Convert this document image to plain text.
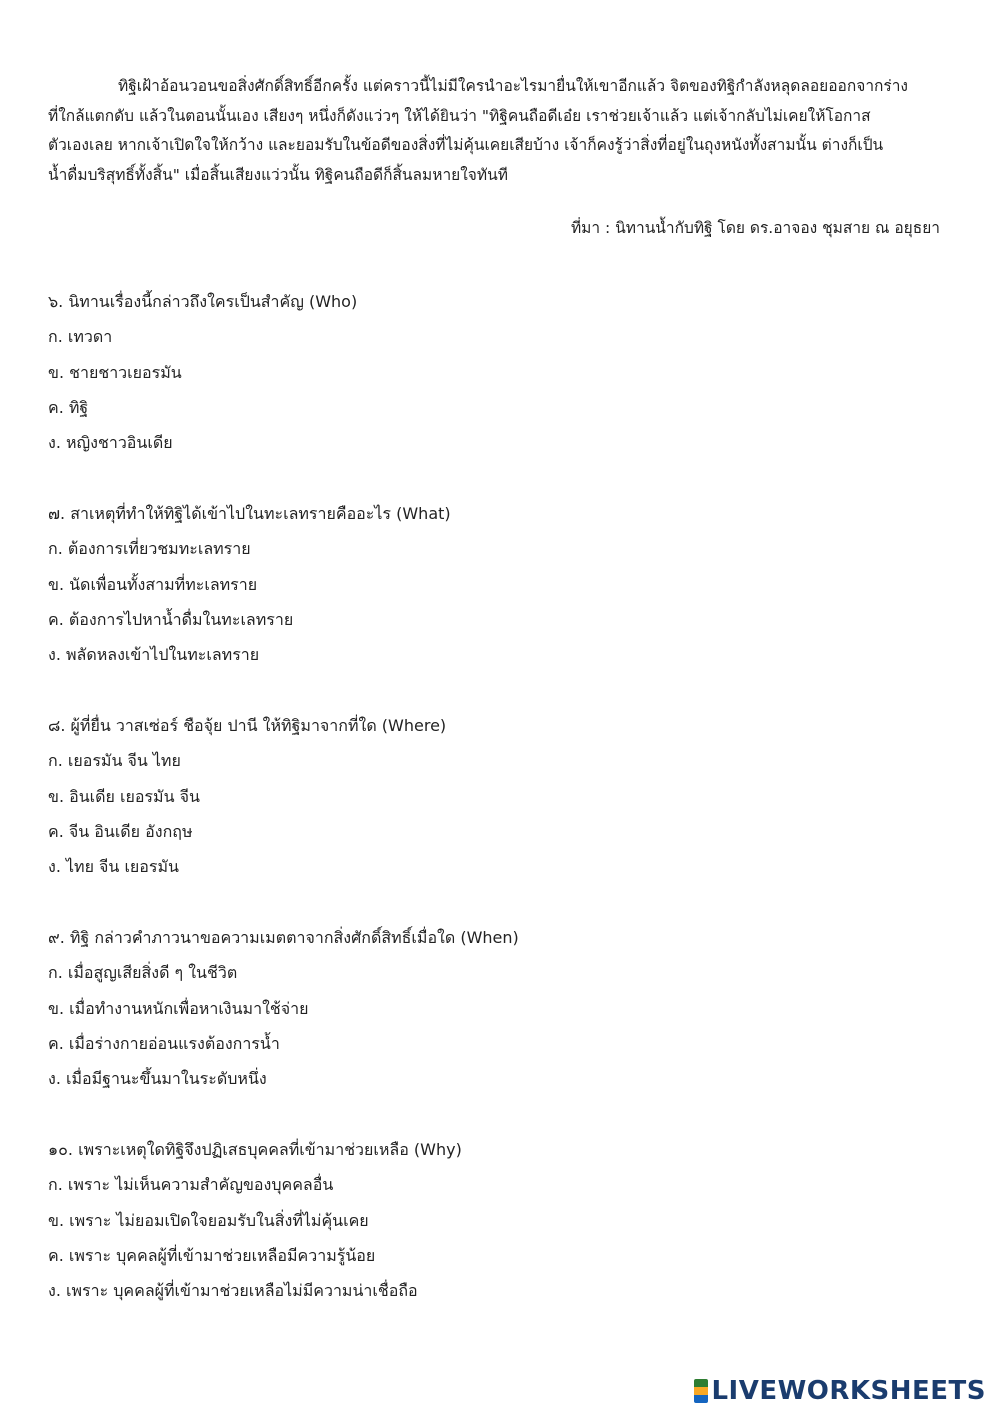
ทิฐิเฝ้าอ้อนวอนขอสิ่งศักดิ์สิทธิ์อีกครั้ง แต่คราวนี้ไม่มีใครนำอะไรมายื่นให้เขาอีกแล้ว จิตของทิฐิกำลังหลุดลอยออกจากร่าง
ที่ใกล้แตกดับ แล้วในตอนนั้นเอง เสียงๆ หนึ่งก็ดังแว่วๆ ให้ได้ยินว่า "ทิฐิคนถือดีเอ๋ย เราช่วยเจ้าแล้ว แต่เจ้ากลับไม่เคยให้โอกาส
ตัวเองเลย หากเจ้าเปิดใจให้กว้าง และยอมรับในข้อดีของสิ่งที่ไม่คุ้นเคยเสียบ้าง เจ้าก็คงรู้ว่าสิ่งที่อยู่ในถุงหนังทั้งสามนั้น ต่างก็เป็น
น้ำดื่มบริสุทธิ์ทั้งสิ้น" เมื่อสิ้นเสียงแว่วนั้น ทิฐิคนถือดีก็สิ้นลมหายใจทันที
ที่มา : นิทานน้ำกับทิฐิ โดย ดร.อาจอง ชุมสาย ณ อยุธยา
๖. นิทานเรื่องนี้กล่าวถึงใครเป็นสำคัญ (Who)
ก. เทวดา
ข. ชายชาวเยอรมัน
ค. ทิฐิ
ง. หญิงชาวอินเดีย
๗. สาเหตุที่ทำให้ทิฐิได้เข้าไปในทะเลทรายคืออะไร (What)
ก. ต้องการเที่ยวชมทะเลทราย
ข. นัดเพื่อนทั้งสามที่ทะเลทราย
ค. ต้องการไปหาน้ำดื่มในทะเลทราย
ง. พลัดหลงเข้าไปในทะเลทราย
๘. ผู้ที่ยื่น วาสเซ่อร์ ชือจุ้ย ปานี ให้ทิฐิมาจากที่ใด (Where)
ก. เยอรมัน จีน ไทย
ข. อินเดีย เยอรมัน จีน
ค. จีน อินเดีย อังกฤษ
ง. ไทย จีน เยอรมัน
๙. ทิฐิ กล่าวคำภาวนาขอความเมตตาจากสิ่งศักดิ์สิทธิ์เมื่อใด (When)
ก. เมื่อสูญเสียสิ่งดี ๆ ในชีวิต
ข. เมื่อทำงานหนักเพื่อหาเงินมาใช้จ่าย
ค. เมื่อร่างกายอ่อนแรงต้องการน้ำ
ง. เมื่อมีฐานะขึ้นมาในระดับหนึ่ง
๑๐. เพราะเหตุใดทิฐิจึงปฏิเสธบุคคลที่เข้ามาช่วยเหลือ (Why)
ก. เพราะ ไม่เห็นความสำคัญของบุคคลอื่น
ข. เพราะ ไม่ยอมเปิดใจยอมรับในสิ่งที่ไม่คุ้นเคย
ค. เพราะ บุคคลผู้ที่เข้ามาช่วยเหลือมีความรู้น้อย
ง. เพราะ บุคคลผู้ที่เข้ามาช่วยเหลือไม่มีความน่าเชื่อถือ
LIVEWORKSHEETS
